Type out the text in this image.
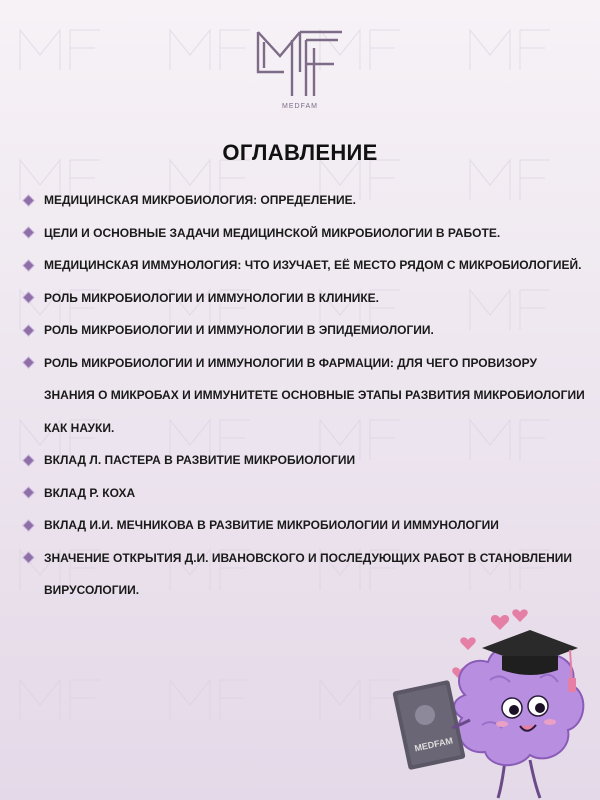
MEDFAM
ОГЛАВЛЕНИЕ
МЕДИЦИНСКАЯ МИКРОБИОЛОГИЯ: ОПРЕДЕЛЕНИЕ.
ЦЕЛИ И ОСНОВНЫЕ ЗАДАЧИ МЕДИЦИНСКОЙ МИКРОБИОЛОГИИ В РАБОТЕ.
МЕДИЦИНСКАЯ ИММУНОЛОГИЯ: ЧТО ИЗУЧАЕТ, ЕЁ МЕСТО РЯДОМ С МИКРОБИОЛОГИЕЙ.
РОЛЬ МИКРОБИОЛОГИИ И ИММУНОЛОГИИ В КЛИНИКЕ.
РОЛЬ МИКРОБИОЛОГИИ И ИММУНОЛОГИИ В ЭПИДЕМИОЛОГИИ.
РОЛЬ МИКРОБИОЛОГИИ И ИММУНОЛОГИИ В ФАРМАЦИИ: ДЛЯ ЧЕГО ПРОВИЗОРУ ЗНАНИЯ О МИКРОБАХ И ИММУНИТЕТЕ ОСНОВНЫЕ ЭТАПЫ РАЗВИТИЯ МИКРОБИОЛОГИИ КАК НАУКИ.
ВКЛАД Л. ПАСТЕРА В РАЗВИТИЕ МИКРОБИОЛОГИИ
ВКЛАД Р. КОХА
ВКЛАД И.И. МЕЧНИКОВА В РАЗВИТИЕ МИКРОБИОЛОГИИ И ИММУНОЛОГИИ
ЗНАЧЕНИЕ ОТКРЫТИЯ Д.И. ИВАНОВСКОГО И ПОСЛЕДУЮЩИХ РАБОТ В СТАНОВЛЕНИИ ВИРУСОЛОГИИ.
MEDFAM
